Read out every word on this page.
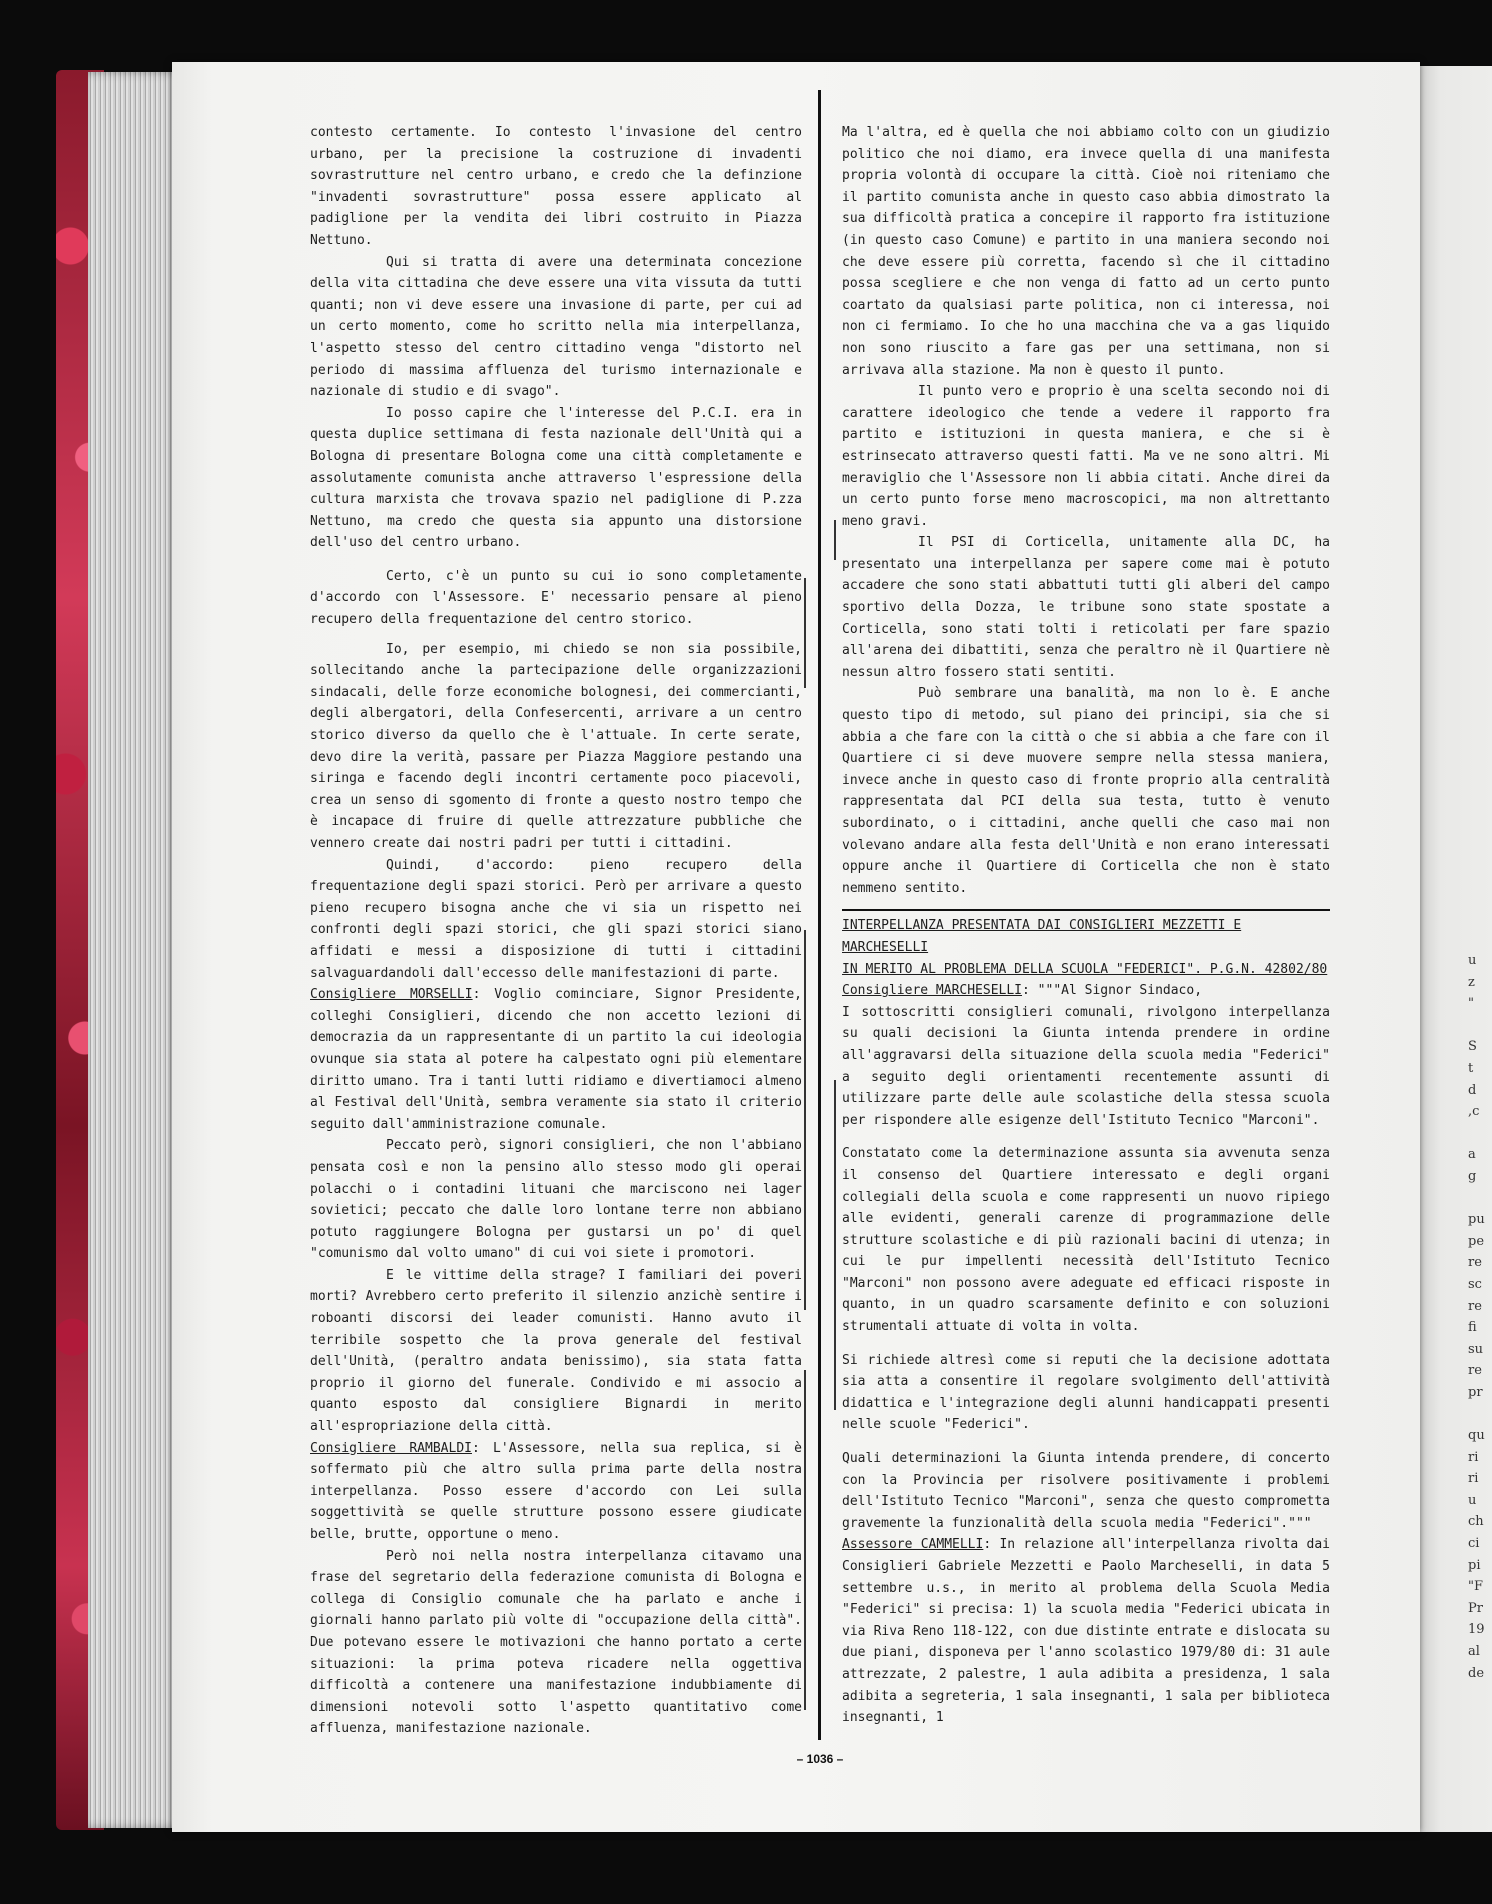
contesto certamente. Io contesto l'invasione del centro urbano, per la precisione la costruzione di invadenti sovrastrutture nel centro urbano, e credo che la definzione "invadenti sovrastrutture" possa essere applicato al padiglione per la vendita dei libri costruito in Piazza Nettuno.

Qui si tratta di avere una determinata concezione della vita cittadina che deve essere una vita vissuta da tutti quanti; non vi deve essere una invasione di parte, per cui ad un certo momento, come ho scritto nella mia interpellanza, l'aspetto stesso del centro cittadino venga "distorto nel periodo di massima affluenza del turismo internazionale e nazionale di studio e di svago".

Io posso capire che l'interesse del P.C.I. era in questa duplice settimana di festa nazionale dell'Unità qui a Bologna di presentare Bologna come una città completamente e assolutamente comunista anche attraverso l'espressione della cultura marxista che trovava spazio nel padiglione di P.zza Nettuno, ma credo che questa sia appunto una distorsione dell'uso del centro urbano.

Certo, c'è un punto su cui io sono completamente d'accordo con l'Assessore. E' necessario pensare al pieno recupero della frequentazione del centro storico.

Io, per esempio, mi chiedo se non sia possibile, sollecitando anche la partecipazione delle organizzazioni sindacali, delle forze economiche bolognesi, dei commercianti, degli albergatori, della Confesercenti, arrivare a un centro storico diverso da quello che è l'attuale. In certe serate, devo dire la verità, passare per Piazza Maggiore pestando una siringa e facendo degli incontri certamente poco piacevoli, crea un senso di sgomento di fronte a questo nostro tempo che è incapace di fruire di quelle attrezzature pubbliche che vennero create dai nostri padri per tutti i cittadini.

Quindi, d'accordo: pieno recupero della frequentazione degli spazi storici. Però per arrivare a questo pieno recupero bisogna anche che vi sia un rispetto nei confronti degli spazi storici, che gli spazi storici siano affidati e messi a disposizione di tutti i cittadini salvaguardandoli dall'eccesso delle manifestazioni di parte.

Consigliere MORSELLI: Voglio cominciare, Signor Presidente, colleghi Consiglieri, dicendo che non accetto lezioni di democrazia da un rappresentante di un partito la cui ideologia ovunque sia stata al potere ha calpestato ogni più elementare diritto umano. Tra i tanti lutti ridiamo e divertiamoci almeno al Festival dell'Unità, sembra veramente sia stato il criterio seguito dall'amministrazione comunale.

Peccato però, signori consiglieri, che non l'abbiano pensata così e non la pensino allo stesso modo gli operai polacchi o i contadini lituani che marciscono nei lager sovietici; peccato che dalle loro lontane terre non abbiano potuto raggiungere Bologna per gustarsi un po' di quel "comunismo dal volto umano" di cui voi siete i promotori.

E le vittime della strage? I familiari dei poveri morti? Avrebbero certo preferito il silenzio anzichè sentire i roboanti discorsi dei leader comunisti. Hanno avuto il terribile sospetto che la prova generale del festival dell'Unità, (peraltro andata benissimo), sia stata fatta proprio il giorno del funerale. Condivido e mi associo a quanto esposto dal consigliere Bignardi in merito all'espropriazione della città.

Consigliere RAMBALDI: L'Assessore, nella sua replica, si è soffermato più che altro sulla prima parte della nostra interpellanza. Posso essere d'accordo con Lei sulla soggettività se quelle strutture possono essere giudicate belle, brutte, opportune o meno.

Però noi nella nostra interpellanza citavamo una frase del segretario della federazione comunista di Bologna e collega di Consiglio comunale che ha parlato e anche i giornali hanno parlato più volte di "occupazione della città". Due potevano essere le motivazioni che hanno portato a certe situazioni: la prima poteva ricadere nella oggettiva difficoltà a contenere una manifestazione indubbiamente di dimensioni notevoli sotto l'aspetto quantitativo come affluenza, manifestazione nazionale.

Ma l'altra, ed è quella che noi abbiamo colto con un giudizio politico che noi diamo, era invece quella di una manifesta propria volontà di occupare la città. Cioè noi riteniamo che il partito comunista anche in questo caso abbia dimostrato la sua difficoltà pratica a concepire il rapporto fra istituzione (in questo caso Comune) e partito in una maniera secondo noi che deve essere più corretta, facendo sì che il cittadino possa scegliere e che non venga di fatto ad un certo punto coartato da qualsiasi parte politica, non ci interessa, noi non ci fermiamo. Io che ho una macchina che va a gas liquido non sono riuscito a fare gas per una settimana, non si arrivava alla stazione. Ma non è questo il punto.

Il punto vero e proprio è una scelta secondo noi di carattere ideologico che tende a vedere il rapporto fra partito e istituzioni in questa maniera, e che si è estrinsecato attraverso questi fatti. Ma ve ne sono altri. Mi meraviglio che l'Assessore non li abbia citati. Anche direi da un certo punto forse meno macroscopici, ma non altrettanto meno gravi.

Il PSI di Corticella, unitamente alla DC, ha presentato una interpellanza per sapere come mai è potuto accadere che sono stati abbattuti tutti gli alberi del campo sportivo della Dozza, le tribune sono state spostate a Corticella, sono stati tolti i reticolati per fare spazio all'arena dei dibattiti, senza che peraltro nè il Quartiere nè nessun altro fossero stati sentiti.

Può sembrare una banalità, ma non lo è. E anche questo tipo di metodo, sul piano dei principi, sia che si abbia a che fare con la città o che si abbia a che fare con il Quartiere ci si deve muovere sempre nella stessa maniera, invece anche in questo caso di fronte proprio alla centralità rappresentata dal PCI della sua testa, tutto è venuto subordinato, o i cittadini, anche quelli che caso mai non volevano andare alla festa dell'Unità e non erano interessati oppure anche il Quartiere di Corticella che non è stato nemmeno sentito.

INTERPELLANZA PRESENTATA DAI CONSIGLIERI MEZZETTI E MARCHESELLI
IN MERITO AL PROBLEMA DELLA SCUOLA "FEDERICI". P.G.N. 42802/80

Consigliere MARCHESELLI: """Al Signor Sindaco,

I sottoscritti consiglieri comunali, rivolgono interpellanza su quali decisioni la Giunta intenda prendere in ordine all'aggravarsi della situazione della scuola media "Federici" a seguito degli orientamenti recentemente assunti di utilizzare parte delle aule scolastiche della stessa scuola per rispondere alle esigenze dell'Istituto Tecnico "Marconi".

Constatato come la determinazione assunta sia avvenuta senza il consenso del Quartiere interessato e degli organi collegiali della scuola e come rappresenti un nuovo ripiego alle evidenti, generali carenze di programmazione delle strutture scolastiche e di più razionali bacini di utenza; in cui le pur impellenti necessità dell'Istituto Tecnico "Marconi" non possono avere adeguate ed efficaci risposte in quanto, in un quadro scarsamente definito e con soluzioni strumentali attuate di volta in volta.

Si richiede altresì come si reputi che la decisione adottata sia atta a consentire il regolare svolgimento dell'attività didattica e l'integrazione degli alunni handicappati presenti nelle scuole "Federici".

Quali determinazioni la Giunta intenda prendere, di concerto con la Provincia per risolvere positivamente i problemi dell'Istituto Tecnico "Marconi", senza che questo comprometta gravemente la funzionalità della scuola media "Federici"."""

Assessore CAMMELLI: In relazione all'interpellanza rivolta dai Consiglieri Gabriele Mezzetti e Paolo Marcheselli, in data 5 settembre u.s., in merito al problema della Scuola Media "Federici" si precisa: 1) la scuola media "Federici ubicata in via Riva Reno 118-122, con due distinte entrate e dislocata su due piani, disponeva per l'anno scolastico 1979/80 di: 31 aule attrezzate, 2 palestre, 1 aula adibita a presidenza, 1 sala adibita a segreteria, 1 sala insegnanti, 1 sala per biblioteca insegnanti, 1

– 1036 –
u
z
"

S
t
d
,c

a
g

pu
pe
re
sc
re
fi
su
re
pr

qu
ri
ri
u
ch
ci
pi
"F
Pr
19
al
de
